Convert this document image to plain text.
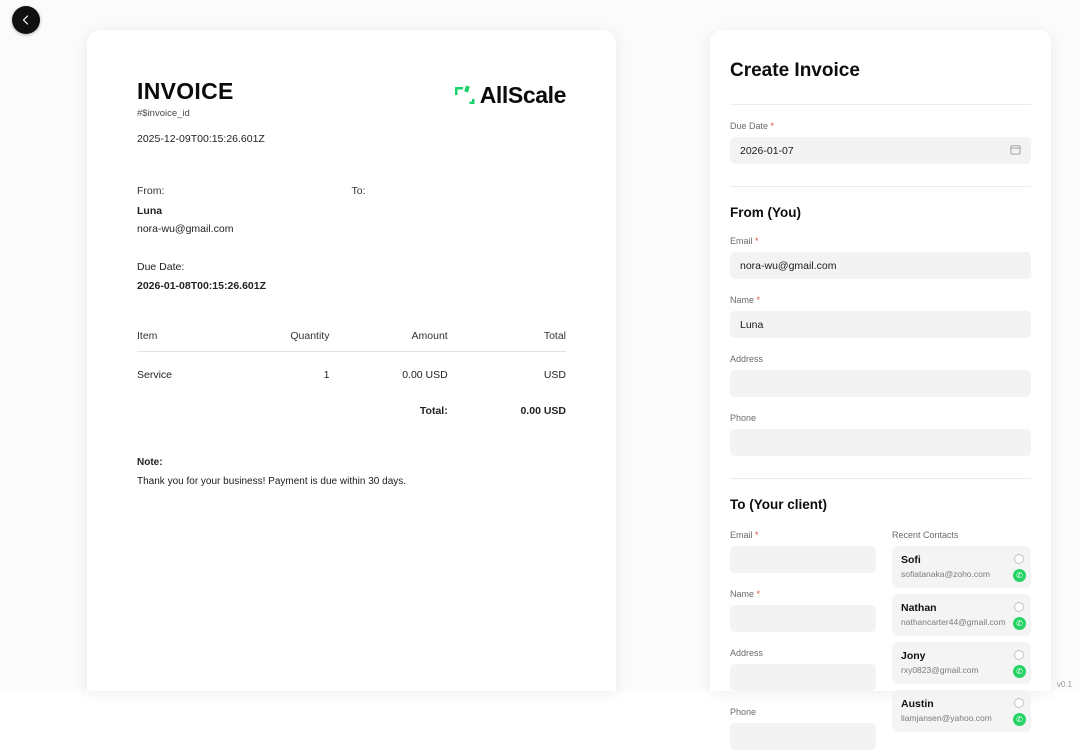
INVOICE
#$invoice_id
2025-12-09T00:15:26.601Z
AllScale
From:
Luna
nora-wu@gmail.com
To:
Due Date:
2026-01-08T00:15:26.601Z
Item	Quantity	Amount	Total
Service	1	0.00 USD	USD
		Total:	0.00 USD
Note:
Thank you for your business! Payment is due within 30 days.
Create Invoice
Due Date *
2026-01-07
From (You)
Email *
nora-wu@gmail.com
Name *
Luna
Address
Phone
To (Your client)
Email *
Name *
Address
Phone
Recent Contacts
Sofi
sofiatanaka@zoho.com	✆
Nathan
nathancarter44@gmail.com	✆
Jony
rxy0823@gmail.com	✆
Austin
liamjansen@yahoo.com	✆
v0.1
